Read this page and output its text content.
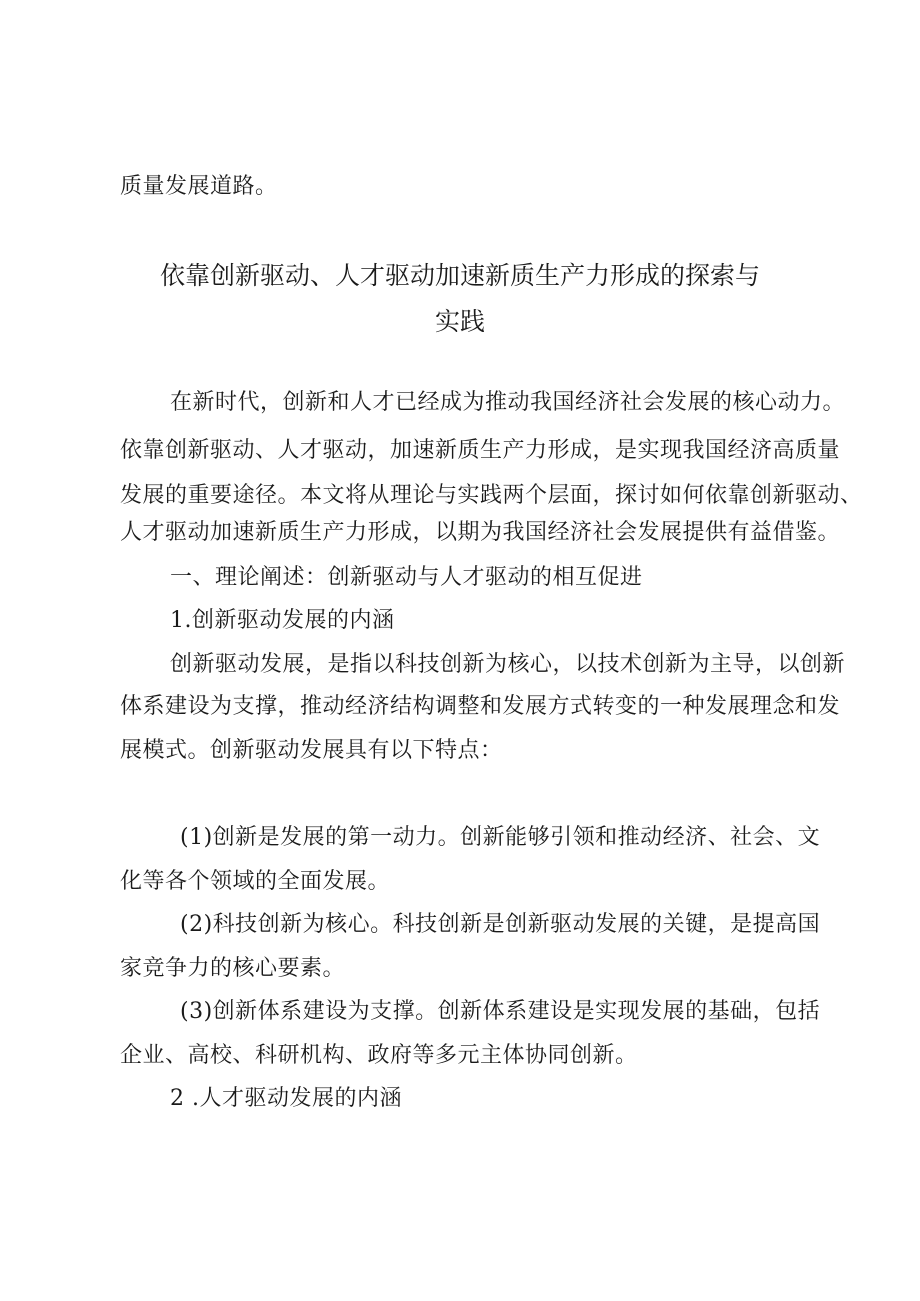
质量发展道路。

依靠创新驱动、人才驱动加速新质生产力形成的探索与
实践

在新时代，创新和人才已经成为推动我国经济社会发展的核心动力。

依靠创新驱动、人才驱动，加速新质生产力形成，是实现我国经济高质量

发展的重要途径。本文将从理论与实践两个层面，探讨如何依靠创新驱动、

人才驱动加速新质生产力形成，以期为我国经济社会发展提供有益借鉴。

一、理论阐述：创新驱动与人才驱动的相互促进

1.创新驱动发展的内涵

创新驱动发展，是指以科技创新为核心，以技术创新为主导，以创新

体系建设为支撑，推动经济结构调整和发展方式转变的一种发展理念和发

展模式。创新驱动发展具有以下特点：

(1)创新是发展的第一动力。创新能够引领和推动经济、社会、文

化等各个领域的全面发展。

(2)科技创新为核心。科技创新是创新驱动发展的关键，是提高国

家竞争力的核心要素。

(3)创新体系建设为支撑。创新体系建设是实现发展的基础，包括

企业、高校、科研机构、政府等多元主体协同创新。

2 .人才驱动发展的内涵
